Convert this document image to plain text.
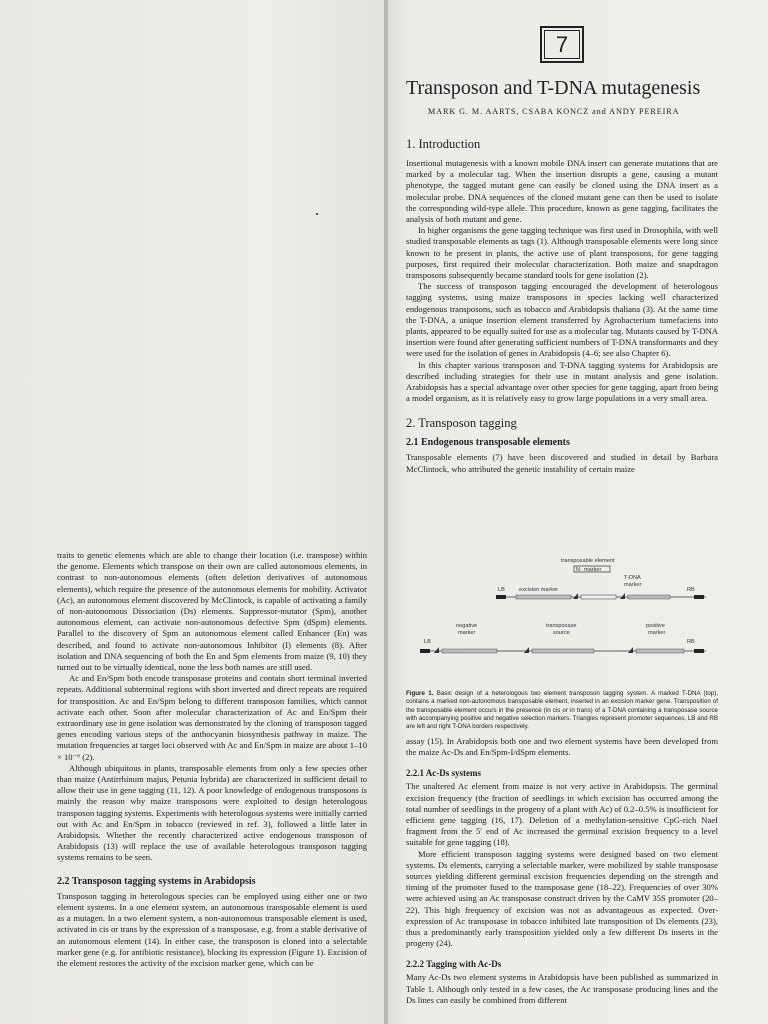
7
Transposon and T-DNA mutagenesis

MARK G. M. AARTS, CSABA KONCZ and ANDY PEREIRA

1. Introduction

Insertional mutagenesis with a known mobile DNA insert can generate mutations that are marked by a molecular tag. When the insertion disrupts a gene, causing a mutant phenotype, the tagged mutant gene can easily be cloned using the DNA insert as a molecular probe. DNA sequences of the cloned mutant gene can then be used to isolate the corresponding wild-type allele. This procedure, known as gene tagging, facilitates the analysis of both mutant and gene.

In higher organisms the gene tagging technique was first used in Drosophila, with well studied transposable elements as tags (1). Although transposable elements were long since known to be present in plants, the active use of plant transposons, for gene tagging purposes, first required their molecular characterization. Both maize and snapdragon transposons subsequently became standard tools for gene isolation (2).

The success of transposon tagging encouraged the development of heterologous tagging systems, using maize transposons in species lacking well characterized endogenous transposons, such as tobacco and Arabidopsis thaliana (3). At the same time the T-DNA, a unique insertion element transferred by Agrobacterium tumefaciens into plants, appeared to be equally suited for use as a molecular tag. Mutants caused by T-DNA insertion were found after generating sufficient numbers of T-DNA transformants and they were used for the isolation of genes in Arabidopsis (4–6; see also Chapter 6).

In this chapter various transposon and T-DNA tagging systems for Arabidopsis are described including strategies for their use in mutant analysis and gene isolation. Arabidopsis has a special advantage over other species for gene tagging, apart from being a model organism, as it is relatively easy to grow large populations in a very small area.

2. Transposon tagging
2.1 Endogenous transposable elements

Transposable elements (7) have been discovered and studied in detail by Barbara McClintock, who attributed the genetic instability of certain maize

traits to genetic elements which are able to change their location (i.e. transpose) within the genome. Elements which transpose on their own are called autonomous elements, in contrast to non-autonomous elements (often deletion derivatives of autonomous elements), which require the presence of the autonomous elements for mobility. Activator (Ac), an autonomous element discovered by McClintock, is capable of activating a family of non-autonomous Dissociation (Ds) elements. Suppressor-mutator (Spm), another autonomous element, can activate non-autonomous defective Spm (dSpm) elements. Parallel to the discovery of Spm an autonomous element called Enhancer (En) was described, and found to activate non-autonomous Inhibitor (I) elements (8). After isolation and DNA sequencing of both the En and Spm elements from maize (9, 10) they turned out to be virtually identical, none the less both names are still used.

Ac and En/Spm both encode transposase proteins and contain short terminal inverted repeats. Additional subterminal regions with short inverted and direct repeats are required for transposition. Ac and En/Spm belong to different transposon families, which cannot activate each other. Soon after molecular characterization of Ac and En/Spm their extraordinary use in gene isolation was demonstrated by the cloning of transposon tagged genes encoding various steps of the anthocyanin biosynthesis pathway in maize. The mutation frequencies at target loci observed with Ac and En/Spm in maize are about 1–10 × 10⁻⁶ (2).

Although ubiquitous in plants, transposable elements from only a few species other than maize (Antirrhinum majus, Petunia hybrida) are characterized in sufficient detail to allow their use in gene tagging (11, 12). A poor knowledge of endogenous transposons is mainly the reason why maize transposons were exploited to design heterologous transposon tagging systems. Experiments with heterologous systems were initially carried out with Ac and En/Spm in tobacco (reviewed in ref. 3), followed a little later in Arabidopsis. Whether the recently characterized active endogenous transposon of Arabidopsis (13) will replace the use of available heterologous transposon tagging systems remains to be seen.

2.2 Transposon tagging systems in Arabidopsis

Transposon tagging in heterologous species can be employed using either one or two element systems. In a one element system, an autonomous transposable element is used as a mutagen. In a two element system, a non-autonomous transposable element is used, activated in cis or trans by the expression of a transposase, e.g. from a stable derivative of an autonomous element (14). In either case, the transposon is cloned into a selectable marker gene (e.g. for antibiotic resistance), blocking its expression (Figure 1). Excision of the element restores the activity of the excision marker gene, which can be

transposable element
N marker
T-DNA
marker
LB	excision marker	RB
negative
marker
transposase
source
positive
marker
LB	RB

Figure 1. Basic design of a heterologous two element transposon tagging system. A marked T-DNA (top), contains a marked non-autonomous transposable element, inserted in an excision marker gene. Transposition of the transposable element occurs in the presence (in cis or in trans) of a T-DNA containing a transposase source with accompanying positive and negative selection markers. Triangles represent promoter sequences, LB and RB are left and right T-DNA borders respectively.

assay (15). In Arabidopsis both one and two element systems have been developed from the maize Ac-Ds and En/Spm-I/dSpm elements.

2.2.1 Ac-Ds systems

The unaltered Ac element from maize is not very active in Arabidopsis. The germinal excision frequency (the fraction of seedlings in which excision has occurred among the total number of seedlings in the progeny of a plant with Ac) of 0.2–0.5% is insufficient for efficient gene tagging (16, 17). Deletion of a methylation-sensitive CpG-rich NaeI fragment from the 5′ end of Ac increased the germinal excision frequency to a level suitable for gene tagging (18).

More efficient transposon tagging systems were designed based on two element systems. Ds elements, carrying a selectable marker, were mobilized by stable transposase sources yielding different germinal excision frequencies depending on the strength and timing of the promoter fused to the transposase gene (18–22). Frequencies of over 30% were achieved using an Ac transposase construct driven by the CaMV 35S promoter (20–22). This high frequency of excision was not as advantageous as expected. Over-expression of Ac transposase in tobacco inhibited late transposition of Ds elements (23), thus a predominantly early transposition yielded only a few different Ds inserts in the progeny (24).

2.2.2 Tagging with Ac-Ds

Many Ac-Ds two element systems in Arabidopsis have been published as summarized in Table 1. Although only tested in a few cases, the Ac transposase producing lines and the Ds lines can easily be combined from different
